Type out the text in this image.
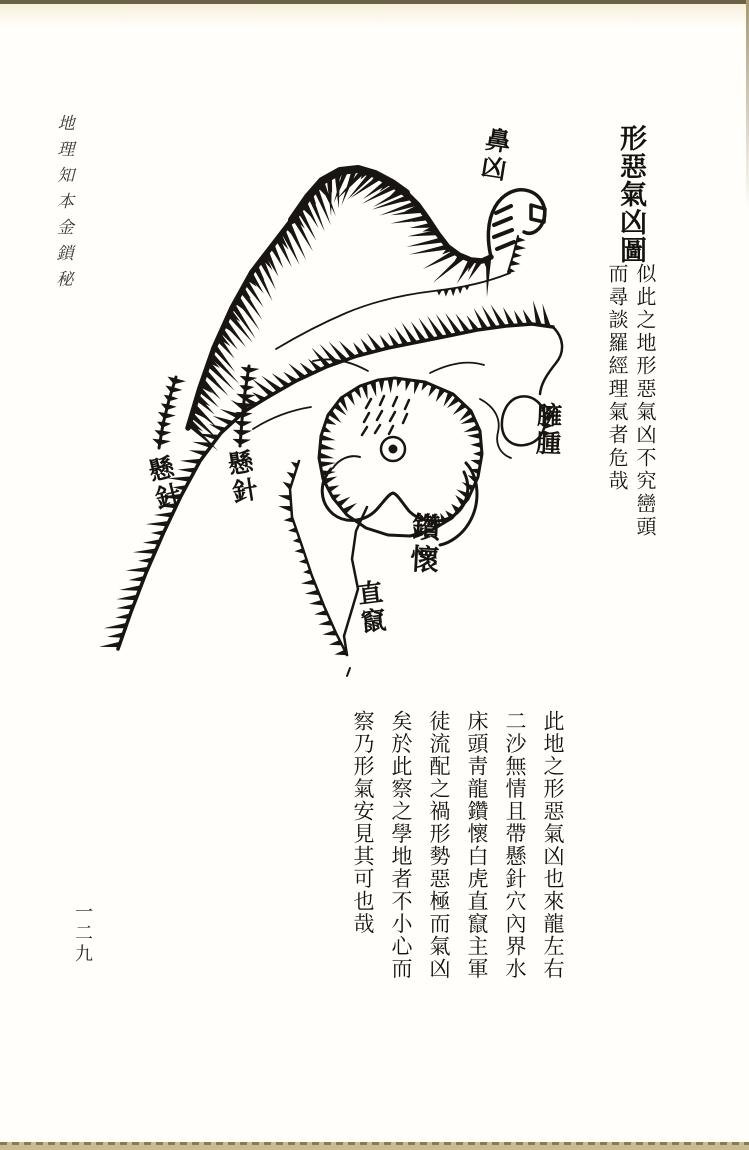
地理知本金鎖秘	形惡氣凶圖
似此之地形惡氣凶不究巒頭
而尋談羅經理氣者危哉
鼻凶
臃腫
懸針 懸針
鑽懷
直竄
此地之形惡氣凶也來龍左右
二沙無情且帶懸針穴內界水
床頭靑龍鑽懷白虎直竄主軍
徒流配之禍形勢惡極而氣凶
矣於此察之學地者不小心而
察乃形氣安見其可也哉
一二九
